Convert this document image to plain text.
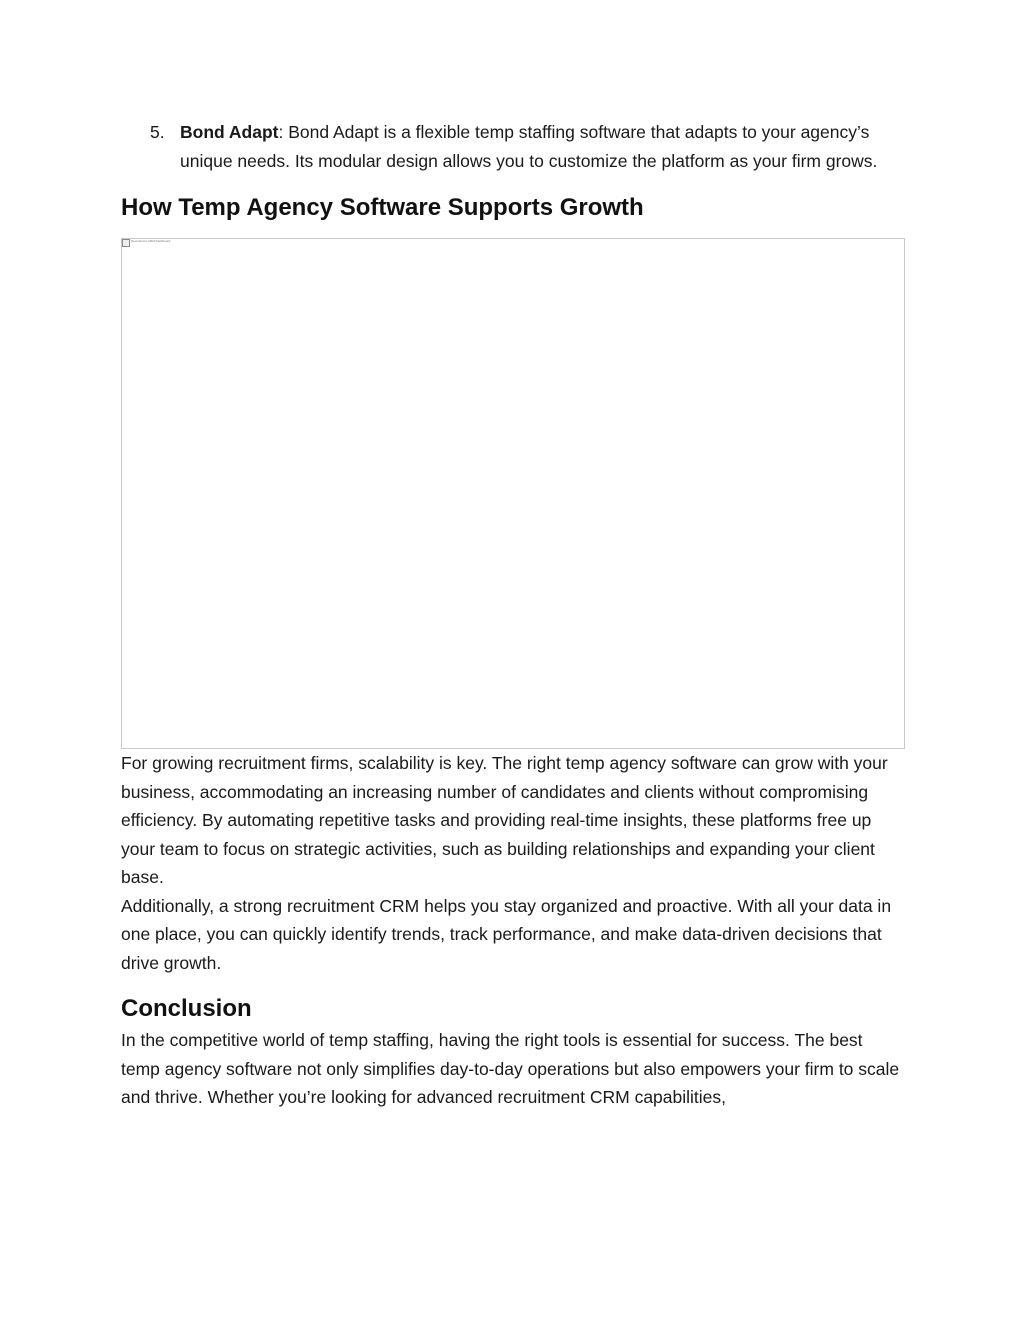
5. Bond Adapt: Bond Adapt is a flexible temp staffing software that adapts to your agency’s unique needs. Its modular design allows you to customize the platform as your firm grows.
How Temp Agency Software Supports Growth
Recruitment CRM Dashboard

For growing recruitment firms, scalability is key. The right temp agency software can grow with your business, accommodating an increasing number of candidates and clients without compromising efficiency. By automating repetitive tasks and providing real-time insights, these platforms free up your team to focus on strategic activities, such as building relationships and expanding your client base.

Additionally, a strong recruitment CRM helps you stay organized and proactive. With all your data in one place, you can quickly identify trends, track performance, and make data-driven decisions that drive growth.

Conclusion

In the competitive world of temp staffing, having the right tools is essential for success. The best temp agency software not only simplifies day-to-day operations but also empowers your firm to scale and thrive. Whether you’re looking for advanced recruitment CRM capabilities,
